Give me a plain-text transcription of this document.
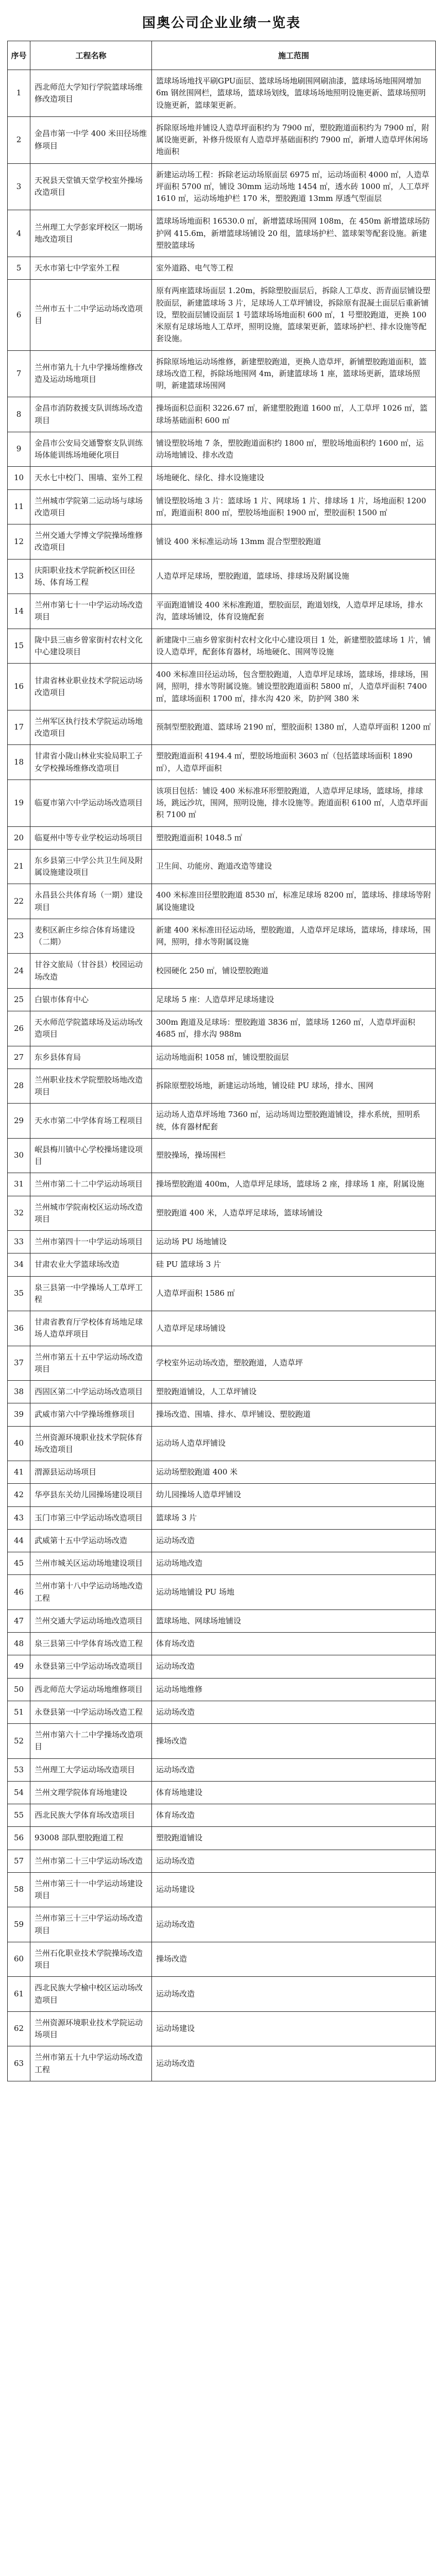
国奥公司企业业绩一览表
序号	工程名称	施工范围
1	西北师范大学知行学院篮球场维修改造项目	篮球场场地找平刷GPU面层、篮球场场地刷围网刷油漆，篮球场场地围网增加 6m 钢丝围网栏，篮球场，篮球场划线，篮球场场地照明设施更新、篮球场照明设施更新，篮球架更新。
2	金昌市第一中学 400 米田径场维修项目	拆除原场地并铺设人造草坪面积约为 7900 ㎡，塑胶跑道面积约为 7900 ㎡，附属设施更新，补修升级原有人造草坪基础面积约 7900 ㎡，新增人造草坪休闲场地面积
3	天祝县天堂镇天堂学校室外操场改造项目	新建运动场工程：拆除老运动场原面层 6975 ㎡，运动场面积 4000 ㎡，人造草坪面积 5700 ㎡，铺设 30mm 运动场地 1454 ㎡，透水砖 1000 ㎡，人工草坪 1610 ㎡，运动场地护栏 170 米，塑胶跑道 13mm 厚透气型面层
4	兰州理工大学彭家坪校区一期场地改造项目	篮球场场地面积 16530.0 ㎡，新增篮球场围网 108m，在 450m 新增篮球场防护网 415.6m，新增篮球场铺设 20 组，篮球场护栏、篮球架等配套设施。新建塑胶篮球场
5	天水市第七中学室外工程	室外道路、电气等工程
6	兰州市五十二中学运动场改造项目	原有两座篮球场面层 1.20m，拆除塑胶面层后，拆除人工草皮、沥青面层铺设塑胶面层，新建篮球场 3 片，足球场人工草坪铺设，拆除原有混凝土面层后重新铺设，塑胶面层铺设面层 1 号篮球场场地面积 600 ㎡，1 号塑胶跑道，更换 100 米原有足球场地人工草坪，照明设施，篮球架更新，篮球场护栏、排水设施等配套设施。
7	兰州市第九十九中学操场维修改造及运动场地项目	拆除原场地运动场维修，新建塑胶跑道，更换人造草坪，新铺塑胶跑道面积，篮球场改造工程，拆除场地围网 4m，新建篮球场 1 座，篮球场更新，篮球场照明，新建篮球场围网
8	金昌市消防救援支队训练场改造项目	操场面积总面积 3226.67 ㎡，新建塑胶跑道 1600 ㎡，人工草坪 1026 ㎡，篮球场基础面积 600 ㎡
9	金昌市公安局交通警察支队训练场体能训练场地硬化项目	铺设塑胶场地 7 条，塑胶跑道面积约 1800 ㎡，塑胶场地面积约 1600 ㎡，运动场地铺设、排水改造
10	天水七中校门、围墙、室外工程	场地硬化、绿化、排水设施建设
11	兰州城市学院第二运动场与球场改造项目	铺设塑胶场地 3 片：篮球场 1 片、网球场 1 片、排球场 1 片，场地面积 1200 ㎡，跑道面积 800 ㎡，塑胶场地面积 1900 ㎡，塑胶面积 1500 ㎡
12	兰州交通大学博文学院操场维修改造项目	铺设 400 米标准运动场 13mm 混合型塑胶跑道
13	庆阳职业技术学院新校区田径场、体育场工程	人造草坪足球场，塑胶跑道，篮球场、排球场及附属设施
14	兰州市第七十一中学运动场改造项目	平面跑道铺设 400 米标准跑道，塑胶面层，跑道划线，人造草坪足球场，排水沟，篮球场铺设，体育设施配套
15	陇中县三庙乡曾家街村农村文化中心建设项目	新建陇中三庙乡曾家街村农村文化中心建设项目 1 处，新建塑胶篮球场 1 片，铺设人造草坪，配套体育器材，场地硬化、围网等设施
16	甘肃省林业职业技术学院运动场改造项目	400 米标准田径运动场，包含塑胶跑道，人造草坪足球场，篮球场，排球场，围网，照明，排水等附属设施。铺设塑胶跑道面积 5800 ㎡，人造草坪面积 7400 ㎡，篮球场面积 1700 ㎡，排水沟 420 米，防护网 380 米
17	兰州军区执行技术学院运动场地改造项目	预制型塑胶跑道、篮球场 2190 ㎡，塑胶面积 1380 ㎡，人造草坪面积 1200 ㎡
18	甘肃省小陇山林业实验局职工子女学校操场维修改造项目	塑胶跑道面积 4194.4 ㎡，塑胶场地面积 3603 ㎡（包括篮球场面积 1890 ㎡），人造草坪面积
19	临夏市第六中学运动场改造项目	该项目包括：铺设 400 米标准环形塑胶跑道，人造草坪足球场，篮球场，排球场，跳远沙坑，围网，照明设施，排水设施等。跑道面积 6100 ㎡，人造草坪面积 7100 ㎡
20	临夏州中等专业学校运动场项目	塑胶跑道面积 1048.5 ㎡
21	东乡县第三中学公共卫生间及附属设施建设项目	卫生间、功能房、跑道改造等建设
22	永昌县公共体育场（一期）建设项目	400 米标准田径塑胶跑道 8530 ㎡，标准足球场 8200 ㎡，篮球场、排球场等附属设施建设
23	麦积区新庄乡综合体育场建设（二期）	新建 400 米标准田径运动场，塑胶跑道，人造草坪足球场，篮球场，排球场，围网，照明，排水等附属设施
24	甘谷文旅局（甘谷县）校园运动场改造	校园硬化 250 ㎡，铺设塑胶跑道
25	白银市体育中心	足球场 5 座：人造草坪足球场建设
26	天水师范学院篮球场及运动场改造项目	300m 跑道及足球场：塑胶跑道 3836 ㎡，篮球场 1260 ㎡，人造草坪面积 4685 ㎡，排水沟 988m
27	东乡县体育局	运动场地面积 1058 ㎡，铺设塑胶面层
28	兰州职业技术学院塑胶场地改造项目	拆除原塑胶场地，新建运动场地，铺设硅 PU 球场，排水、围网
29	天水市第二中学体育场工程项目	运动场人造草坪场地 7360 ㎡，运动场周边塑胶跑道铺设，排水系统，照明系统，体育器材配套
30	岷县梅川镇中心学校操场建设项目	塑胶操场，操场围栏
31	兰州市第二十二中学运动场项目	操场塑胶跑道 400m，人造草坪足球场，篮球场 2 座，排球场 1 座，附属设施
32	兰州城市学院南校区运动场改造项目	塑胶跑道 400 米，人造草坪足球场，篮球场铺设
33	兰州市第四十一中学运动场项目	运动场 PU 场地铺设
34	甘肃农业大学篮球场改造	硅 PU 篮球场 3 片
35	泉三县第一中学操场人工草坪工程	人造草坪面积 1586 ㎡
36	甘肃省教育厅学校体育场地足球场人造草坪项目	人造草坪足球场铺设
37	兰州市第五十五中学运动场改造项目	学校室外运动场改造，塑胶跑道，人造草坪
38	西固区第二中学运动场改造项目	塑胶跑道铺设，人工草坪铺设
39	武威市第六中学操场维修项目	操场改造、围墙、排水、草坪铺设、塑胶跑道
40	兰州资源环境职业技术学院体育场改造项目	运动场人造草坪铺设
41	渭源县运动场项目	运动场塑胶跑道 400 米
42	华亭县东关幼儿园操场建设项目	幼儿园操场人造草坪铺设
43	玉门市第三中学运动场改造项目	篮球场 3 片
44	武威第十五中学运动场改造	运动场改造
45	兰州市城关区运动场地建设项目	运动场地改造
46	兰州市第十八中学运动场地改造工程	运动场地铺设 PU 场地
47	兰州交通大学运动场地改造项目	篮球场地、网球场地铺设
48	泉三县第三中学体育场改造工程	体育场改造
49	永登县第三中学运动场改造项目	运动场改造
50	西北师范大学运动场地维修项目	运动场地维修
51	永登县第一中学运动场改造工程	运动场改造
52	兰州市第六十二中学操场改造项目	操场改造
53	兰州理工大学运动场改造项目	运动场改造
54	兰州文理学院体育场地建设	体育场地建设
55	西北民族大学体育场改造项目	体育场改造
56	93008 部队塑胶跑道工程	塑胶跑道铺设
57	兰州市第二十三中学运动场改造	运动场改造
58	兰州市第三十一中学运动场建设项目	运动场建设
59	兰州市第三十三中学运动场改造项目	运动场改造
60	兰州石化职业技术学院操场改造项目	操场改造
61	西北民族大学榆中校区运动场改造项目	运动场改造
62	兰州资源环境职业技术学院运动场项目	运动场建设
63	兰州市第五十九中学运动场改造工程	运动场改造
